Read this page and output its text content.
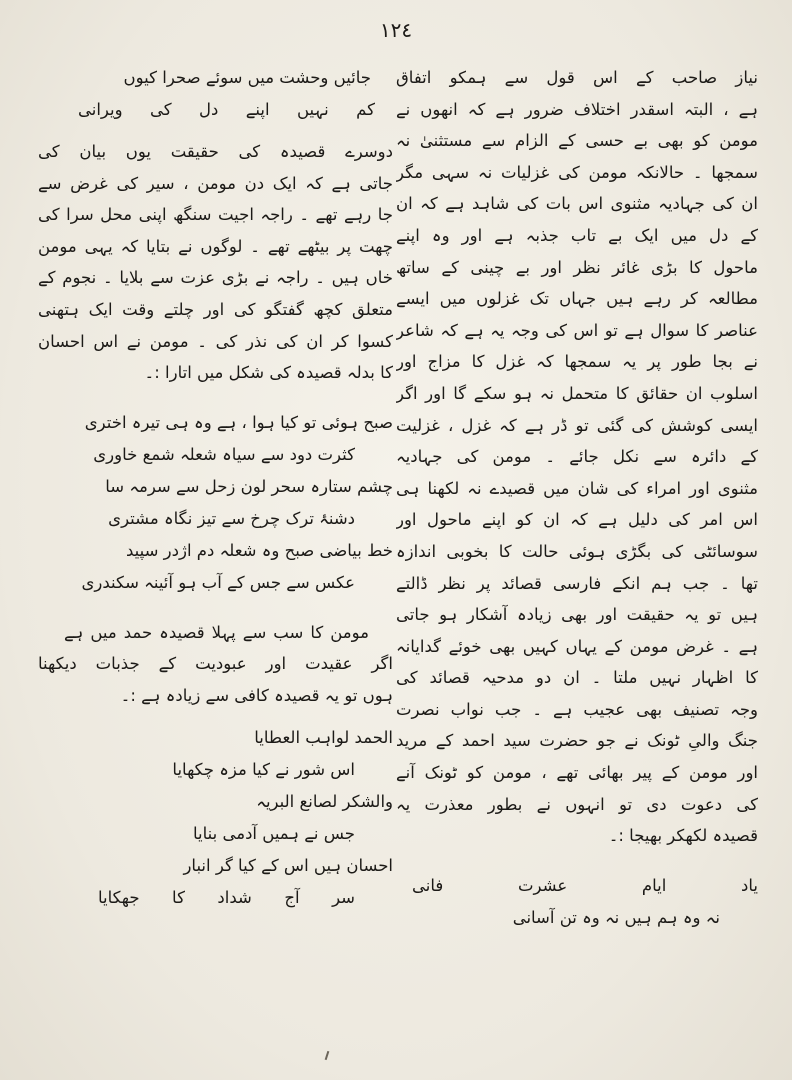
۱۲٤
نیاز صاحب کے اس قول سے ہمکو اتفاق
ہے ، البتہ اسقدر اختلاف ضرور ہے کہ انھوں نے
مومن کو بھی بے حسی کے الزام سے مستثنیٰ نہ
سمجھا ۔ حالانکہ مومن کی غزلیات نہ سہی مگر
ان کی جہادیہ مثنوی اس بات کی شاہد ہے کہ ان
کے دل میں ایک بے تاب جذبہ ہے اور وہ اپنے
ماحول کا بڑی غائر نظر اور بے چینی کے ساتھ
مطالعہ کر رہے ہیں جہاں تک غزلوں میں ایسے
عناصر کا سوال ہے تو اس کی وجہ یہ ہے کہ شاعر
نے بجا طور پر یہ سمجھا کہ غزل کا مزاج اور
اسلوب ان حقائق کا متحمل نہ ہو سکے گا اور اگر
ایسی کوشش کی گئی تو ڈر ہے کہ غزل ، غزلیت
کے دائرہ سے نکل جائے ۔ مومن کی جہادیہ
مثنوی اور امراء کی شان میں قصیدے نہ لکھنا ہی
اس امر کی دلیل ہے کہ ان کو اپنے ماحول اور
سوسائٹی کی بگڑی ہوئی حالت کا بخوبی اندازہ
تھا ۔ جب ہم انکے فارسی قصائد پر نظر ڈالتے
ہیں تو یہ حقیقت اور بھی زیادہ آشکار ہو جاتی
ہے ۔ غرض مومن کے یہاں کہیں بھی خوئے گدایانہ
کا اظہار نہیں ملتا ۔ ان دو مدحیہ قصائد کی
وجہ تصنیف بھی عجیب ہے ۔ جب نواب نصرت
جنگ والیِ ٹونک نے جو حضرت سید احمد کے مرید
اور مومن کے پیر بھائی تھے ، مومن کو ٹونک آنے
کی دعوت دی تو انہوں نے بطور معذرت یہ
قصیدہ لکھکر بھیجا :۔
یاد ایام عشرت فانی
نہ وہ ہم ہیں نہ وہ تن آسانی
جائیں وحشت میں سوئے صحرا کیوں
کم نہیں اپنے دل کی ویرانی
دوسرے قصیدہ کی حقیقت یوں بیان کی
جاتی ہے کہ ایک دن مومن ، سیر کی غرض سے
جا رہے تھے ۔ راجہ اجیت سنگھ اپنی محل سرا کی
چھت پر بیٹھے تھے ۔ لوگوں نے بتایا کہ یہی مومن
خاں ہیں ۔ راجہ نے بڑی عزت سے بلایا ۔ نجوم کے
متعلق کچھ گفتگو کی اور چلتے وقت ایک ہتھنی
کسوا کر ان کی نذر کی ۔ مومن نے اس احسان
کا بدلہ قصیدہ کی شکل میں اتارا :۔
صبح ہوئی تو کیا ہوا ، ہے وہ ہی تیرہ اختری
کثرت دود سے سیاہ شعلہ شمع خاوری
چشم ستارہ سحر لون زحل سے سرمہ سا
دشنۂ ترک چرخ سے تیز نگاہ مشتری
خط بیاضی صبح وہ شعلہ دم اژدر سپید
عکس سے جس کے آب ہو آئینہ سکندری
مومن کا سب سے پہلا قصیدہ حمد میں ہے
اگر عقیدت اور عبودیت کے جذبات دیکھنا
ہوں تو یہ قصیدہ کافی سے زیادہ ہے :۔
الحمد لواہب العطایا
اس شور نے کیا مزہ چکھایا
والشکر لصانع البریہ
جس نے ہمیں آدمی بنایا
احسان ہیں اس کے کیا گر انبار
سر آج شداد کا جھکایا
